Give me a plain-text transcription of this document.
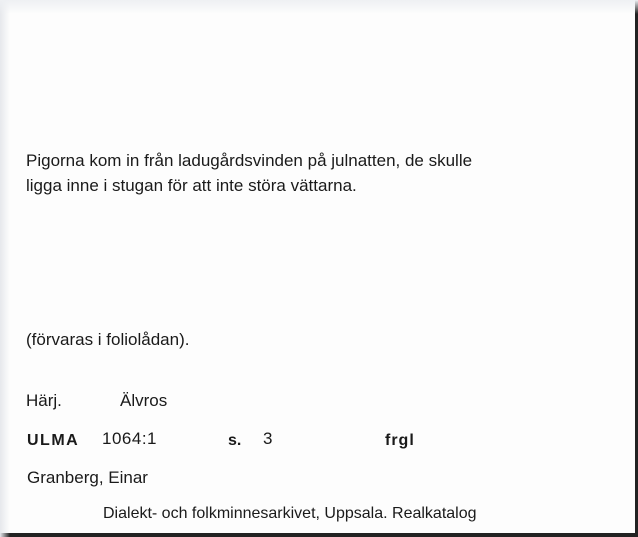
Pigorna kom in från ladugårdsvinden på julnatten, de skulle
ligga inne i stugan för att inte störa vättarna.
(förvaras i foliolådan).
Härj.	Älvros
ULMA 1064:1	s. 3	frgl
Granberg, Einar
Dialekt- och folkminnesarkivet, Uppsala. Realkatalog
